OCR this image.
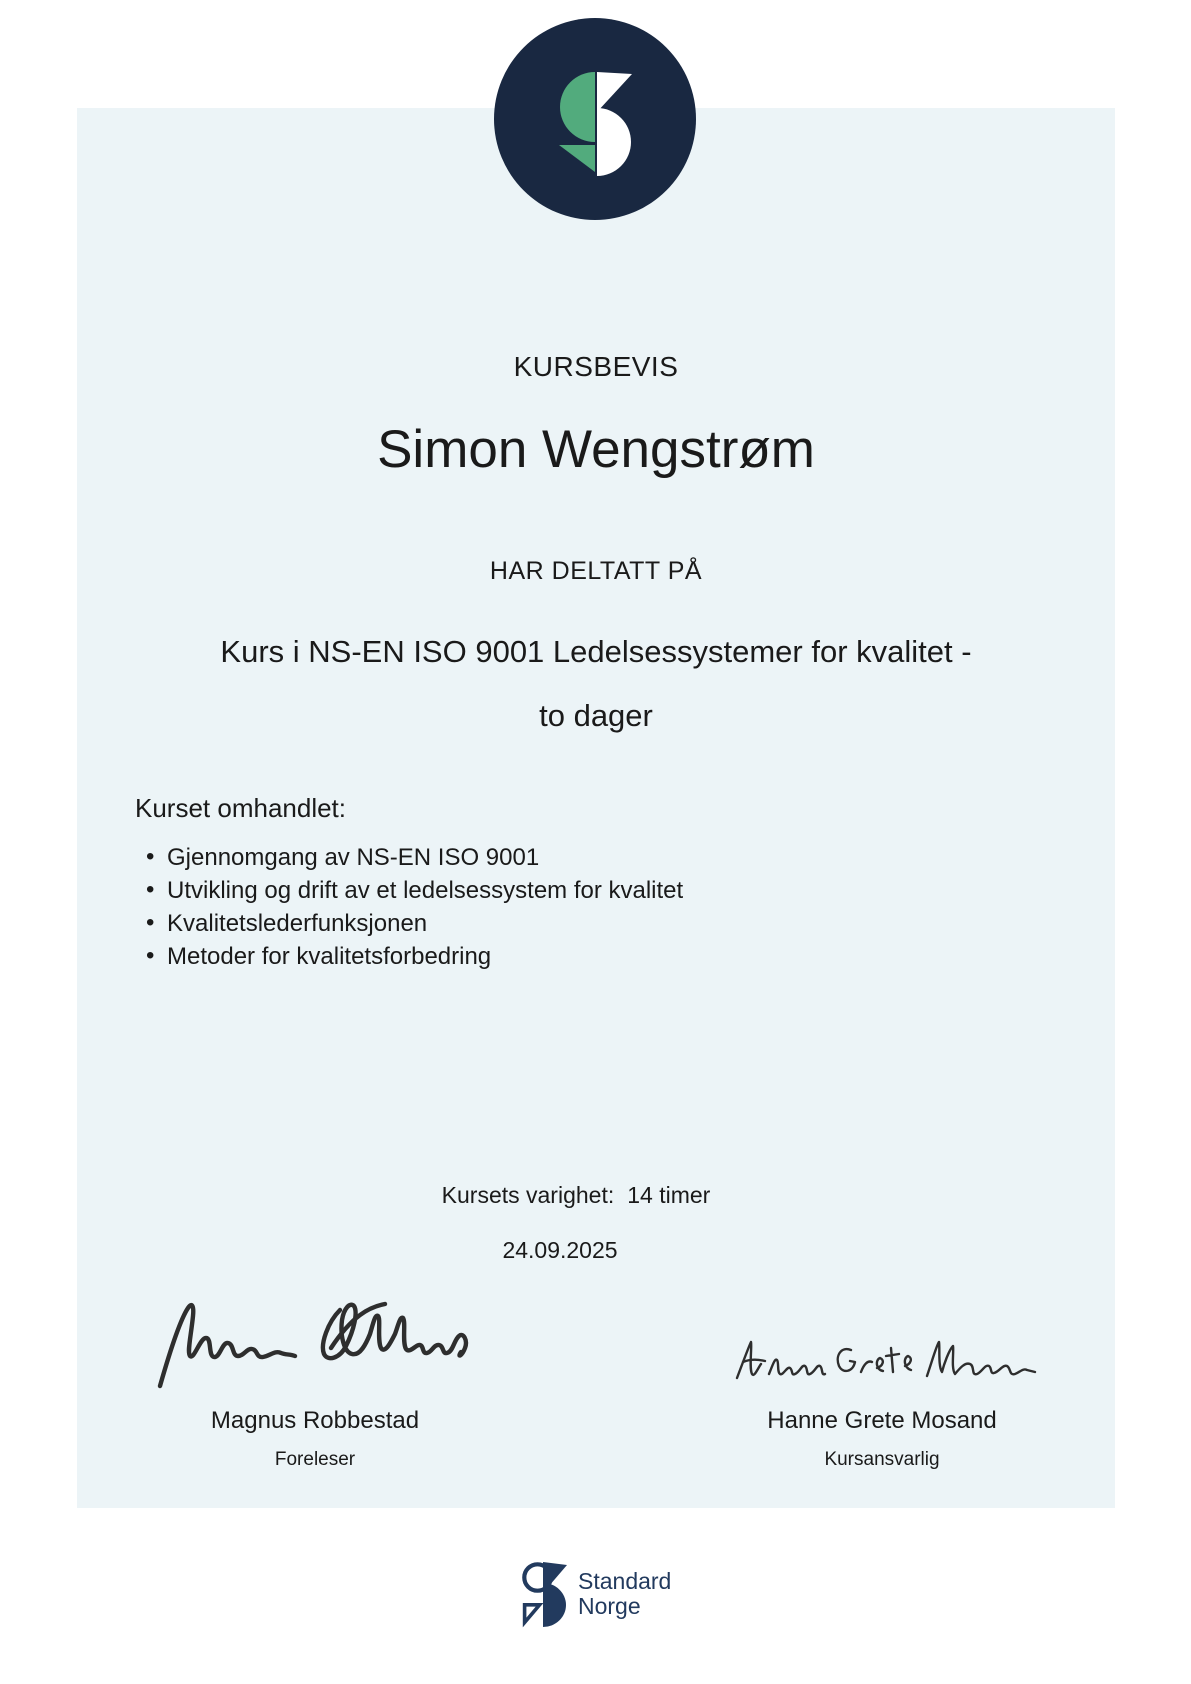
KURSBEVIS
Simon Wengstrøm
HAR DELTATT PÅ
Kurs i NS-EN ISO 9001 Ledelsessystemer for kvalitet -
to dager
Kurset omhandlet:
• Gjennomgang av NS-EN ISO 9001
• Utvikling og drift av et ledelsessystem for kvalitet
• Kvalitetslederfunksjonen
• Metoder for kvalitetsforbedring
Kursets varighet: 14 timer
24.09.2025
Magnus Robbestad
Foreleser
Hanne Grete Mosand
Kursansvarlig
Standard
Norge
